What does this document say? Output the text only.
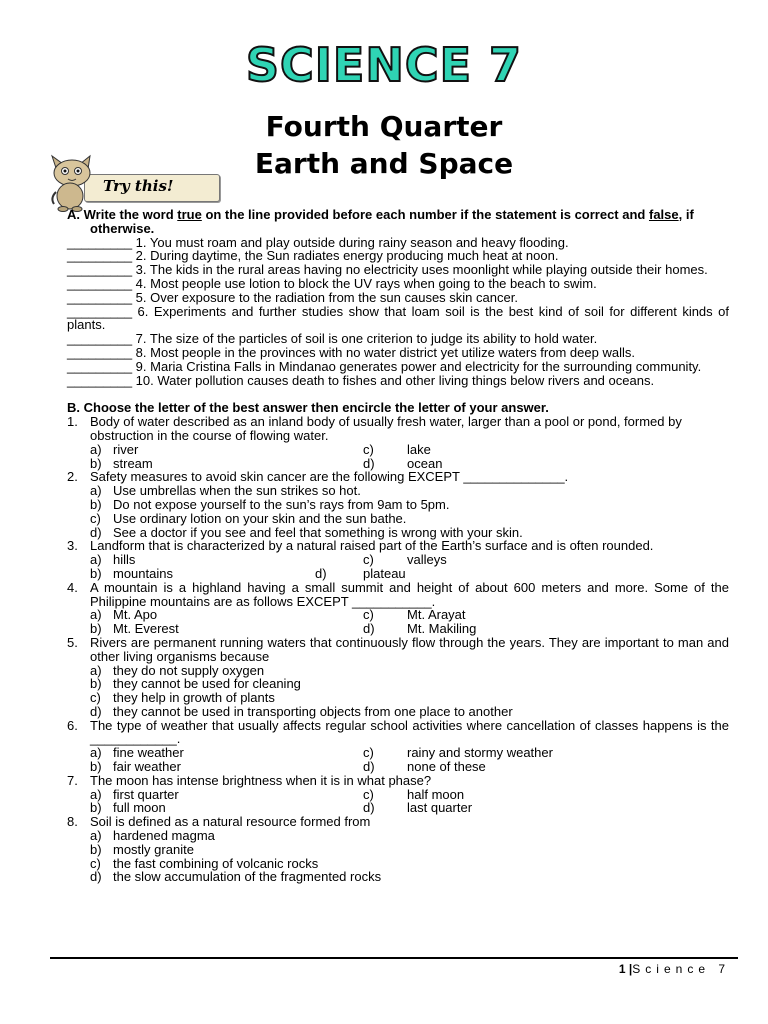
SCIENCE 7
Fourth Quarter
Earth and Space
Try this!
A. Write the word true on the line provided before each number if the statement is correct and false, if otherwise.
_________ 1. You must roam and play outside during rainy season and heavy flooding.
_________ 2. During daytime, the Sun radiates energy producing much heat at noon.
_________ 3. The kids in the rural areas having no electricity uses moonlight while playing outside their homes.
_________ 4. Most people use lotion to block the UV rays when going to the beach to swim.
_________ 5. Over exposure to the radiation from the sun causes skin cancer.
_________ 6. Experiments and further studies show that loam soil is the best kind of soil for different kinds of plants.
_________ 7. The size of the particles of soil is one criterion to judge its ability to hold water.
_________ 8. Most people in the provinces with no water district yet utilize waters from deep walls.
_________ 9. Maria Cristina Falls in Mindanao generates power and electricity for the surrounding community.
_________ 10. Water pollution causes death to fishes and other living things below rivers and oceans.
B. Choose the letter of the best answer then encircle the letter of your answer.
1. Body of water described as an inland body of usually fresh water, larger than a pool or pond, formed by obstruction in the course of flowing water.
a) river	c)	lake
b) stream	d) ocean
2. Safety measures to avoid skin cancer are the following EXCEPT ______________.
a) Use umbrellas when the sun strikes so hot.
b) Do not expose yourself to the sun’s rays from 9am to 5pm.
c) Use ordinary lotion on your skin and the sun bathe.
d) See a doctor if you see and feel that something is wrong with your skin.
3. Landform that is characterized by a natural raised part of the Earth’s surface and is often rounded.
a) hills	c)	valleys
b) mountains	d)	plateau
4. A mountain is a highland having a small summit and height of about 600 meters and more. Some of the Philippine mountains are as follows EXCEPT ___________.
a) Mt. Apo	c)	Mt. Arayat
b) Mt. Everest	d) Mt. Makiling
5. Rivers are permanent running waters that continuously flow through the years. They are important to man and other living organisms because
a) they do not supply oxygen
b) they cannot be used for cleaning
c) they help in growth of plants
d) they cannot be used in transporting objects from one place to another
6. The type of weather that usually affects regular school activities where cancellation of classes happens is the ____________.
a) fine weather	c)	rainy and stormy weather
b) fair weather	d) none of these
7. The moon has intense brightness when it is in what phase?
a) first quarter	c)	half moon
b) full moon	d) last quarter
8. Soil is defined as a natural resource formed from
a) hardened magma
b) mostly granite
c) the fast combining of volcanic rocks
d) the slow accumulation of the fragmented rocks
1 |Science 7
